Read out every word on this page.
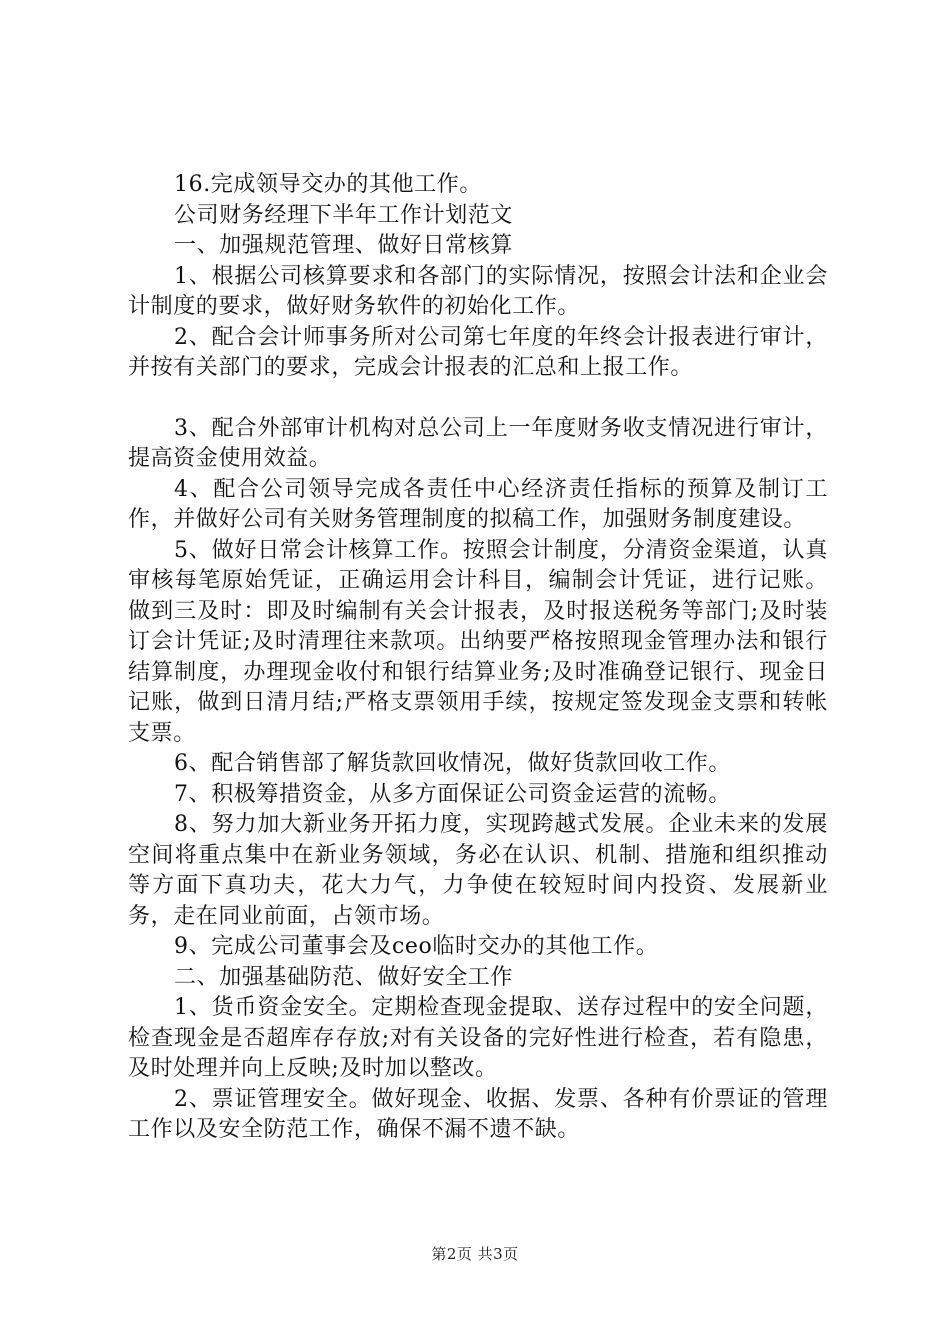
16.完成领导交办的其他工作。

公司财务经理下半年工作计划范文

一、加强规范管理、做好日常核算

1、根据公司核算要求和各部门的实际情况，按照会计法和企业会计制度的要求，做好财务软件的初始化工作。

2、配合会计师事务所对公司第七年度的年终会计报表进行审计，并按有关部门的要求，完成会计报表的汇总和上报工作。

3、配合外部审计机构对总公司上一年度财务收支情况进行审计，提高资金使用效益。

4、配合公司领导完成各责任中心经济责任指标的预算及制订工作，并做好公司有关财务管理制度的拟稿工作，加强财务制度建设。

5、做好日常会计核算工作。按照会计制度，分清资金渠道，认真审核每笔原始凭证，正确运用会计科目，编制会计凭证，进行记账。做到三及时：即及时编制有关会计报表，及时报送税务等部门;及时装订会计凭证;及时清理往来款项。出纳要严格按照现金管理办法和银行结算制度，办理现金收付和银行结算业务;及时准确登记银行、现金日记账，做到日清月结;严格支票领用手续，按规定签发现金支票和转帐支票。

6、配合销售部了解货款回收情况，做好货款回收工作。

7、积极筹措资金，从多方面保证公司资金运营的流畅。

8、努力加大新业务开拓力度，实现跨越式发展。企业未来的发展空间将重点集中在新业务领域，务必在认识、机制、措施和组织推动等方面下真功夫，花大力气，力争使在较短时间内投资、发展新业务，走在同业前面，占领市场。

9、完成公司董事会及ceo临时交办的其他工作。

二、加强基础防范、做好安全工作

1、货币资金安全。定期检查现金提取、送存过程中的安全问题，检查现金是否超库存存放;对有关设备的完好性进行检查，若有隐患，及时处理并向上反映;及时加以整改。

2、票证管理安全。做好现金、收据、发票、各种有价票证的管理工作以及安全防范工作，确保不漏不遗不缺。

第2页 共3页
